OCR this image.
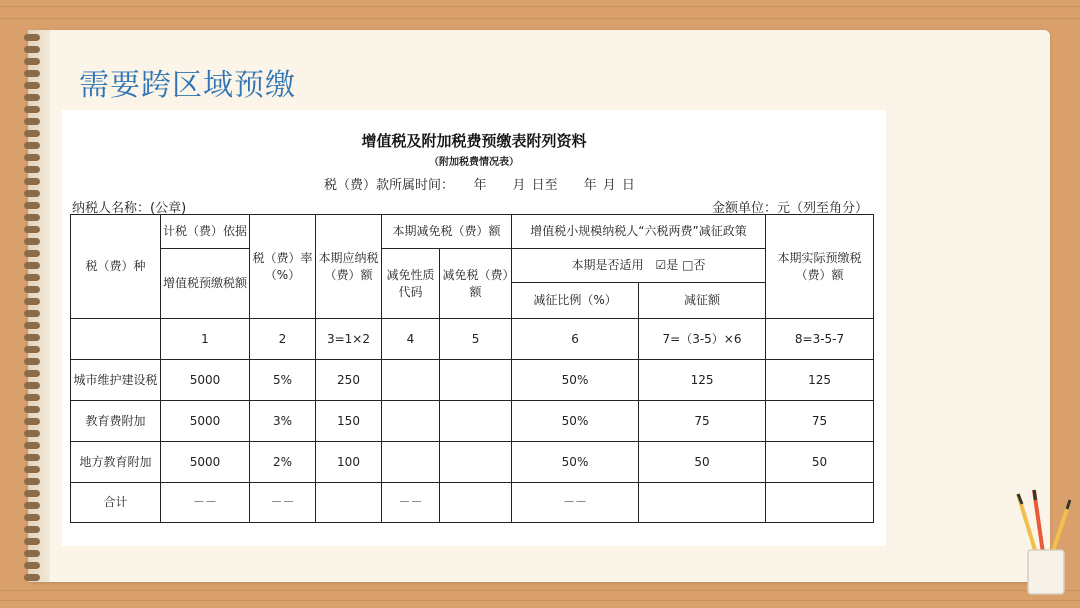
需要跨区域预缴
增值税及附加税费预缴表附列资料
（附加税费情况表）
税（费）款所属时间：　　年　　月 日至　　年 月 日
纳税人名称：(公章)	金额单位：元（列至角分）
税（费）种	计税（费）依据	税（费）率（%）	本期应纳税（费）额	本期减免税（费）额		增值税小规模纳税人“六税两费”减征政策		本期实际预缴税（费）额
	增值税预缴税额			减免性质代码	减免税（费）额	本期是否适用　☑是 □否		
						减征比例（%）	减征额	
	1	2	3=1×2	4	5	6	7=（3-5）×6	8=3-5-7
城市维护建设税	5000	5%	250			50%	125	125
教育费附加	5000	3%	150			50%	75	75
地方教育附加	5000	2%	100			50%	50	50
合计	－－	－－		－－		－－		
